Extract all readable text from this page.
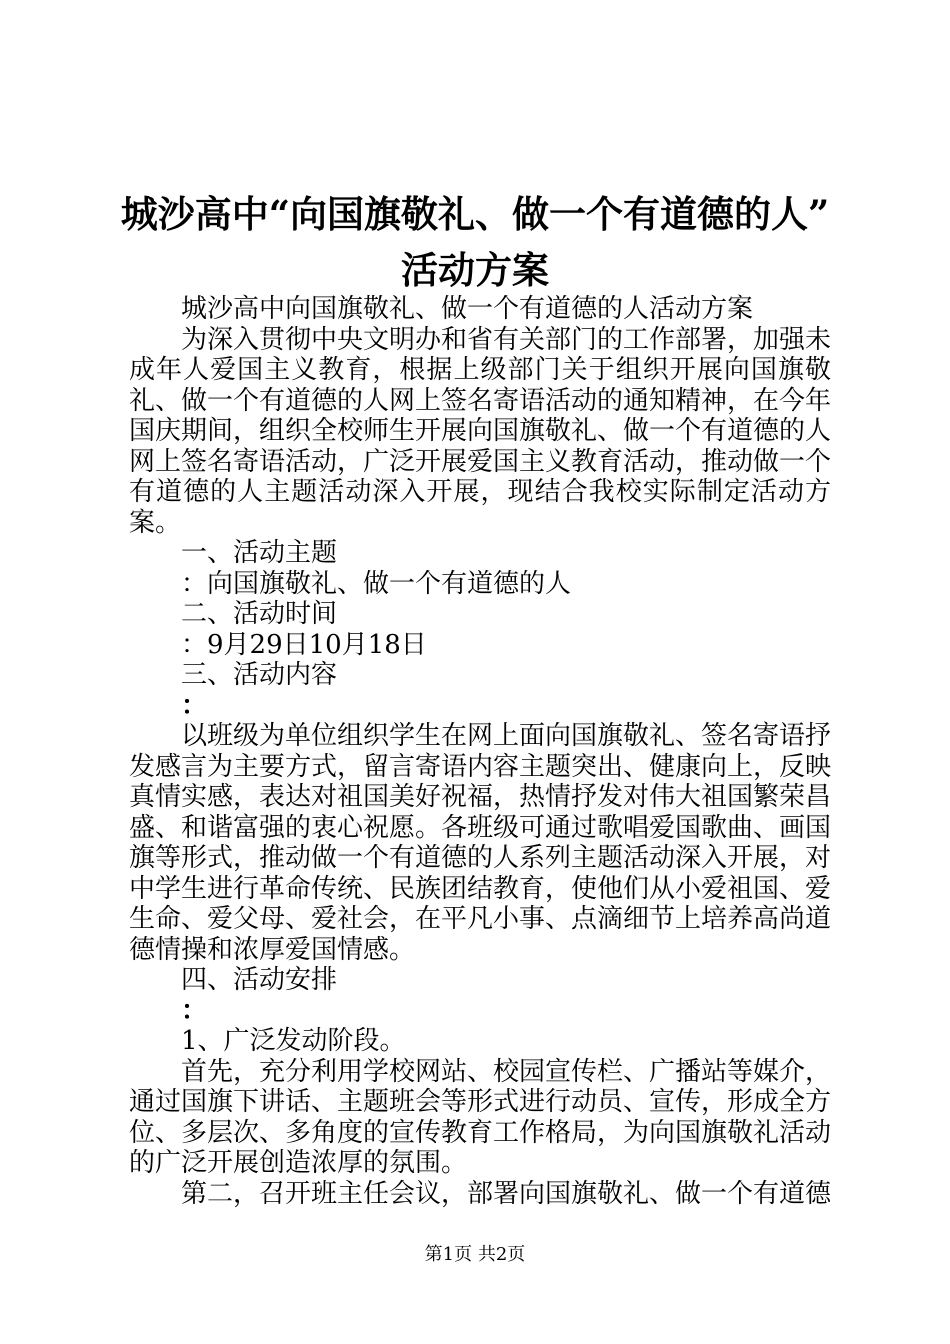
城沙高中“向国旗敬礼、做一个有道德的人”
活动方案

城沙高中向国旗敬礼、做一个有道德的人活动方案

为深入贯彻中央文明办和省有关部门的工作部署，加强未成年人爱国主义教育，根据上级部门关于组织开展向国旗敬礼、做一个有道德的人网上签名寄语活动的通知精神，在今年国庆期间，组织全校师生开展向国旗敬礼、做一个有道德的人网上签名寄语活动，广泛开展爱国主义教育活动，推动做一个有道德的人主题活动深入开展，现结合我校实际制定活动方案。

一、活动主题

：向国旗敬礼、做一个有道德的人

二、活动时间

：9月29日10月18日

三、活动内容

：

以班级为单位组织学生在网上面向国旗敬礼、签名寄语抒发感言为主要方式，留言寄语内容主题突出、健康向上，反映真情实感，表达对祖国美好祝福，热情抒发对伟大祖国繁荣昌盛、和谐富强的衷心祝愿。各班级可通过歌唱爱国歌曲、画国旗等形式，推动做一个有道德的人系列主题活动深入开展，对中学生进行革命传统、民族团结教育，使他们从小爱祖国、爱生命、爱父母、爱社会，在平凡小事、点滴细节上培养高尚道德情操和浓厚爱国情感。

四、活动安排

：

1、广泛发动阶段。

首先，充分利用学校网站、校园宣传栏、广播站等媒介，通过国旗下讲话、主题班会等形式进行动员、宣传，形成全方位、多层次、多角度的宣传教育工作格局，为向国旗敬礼活动的广泛开展创造浓厚的氛围。

第二，召开班主任会议，部署向国旗敬礼、做一个有道德

第1页 共2页
